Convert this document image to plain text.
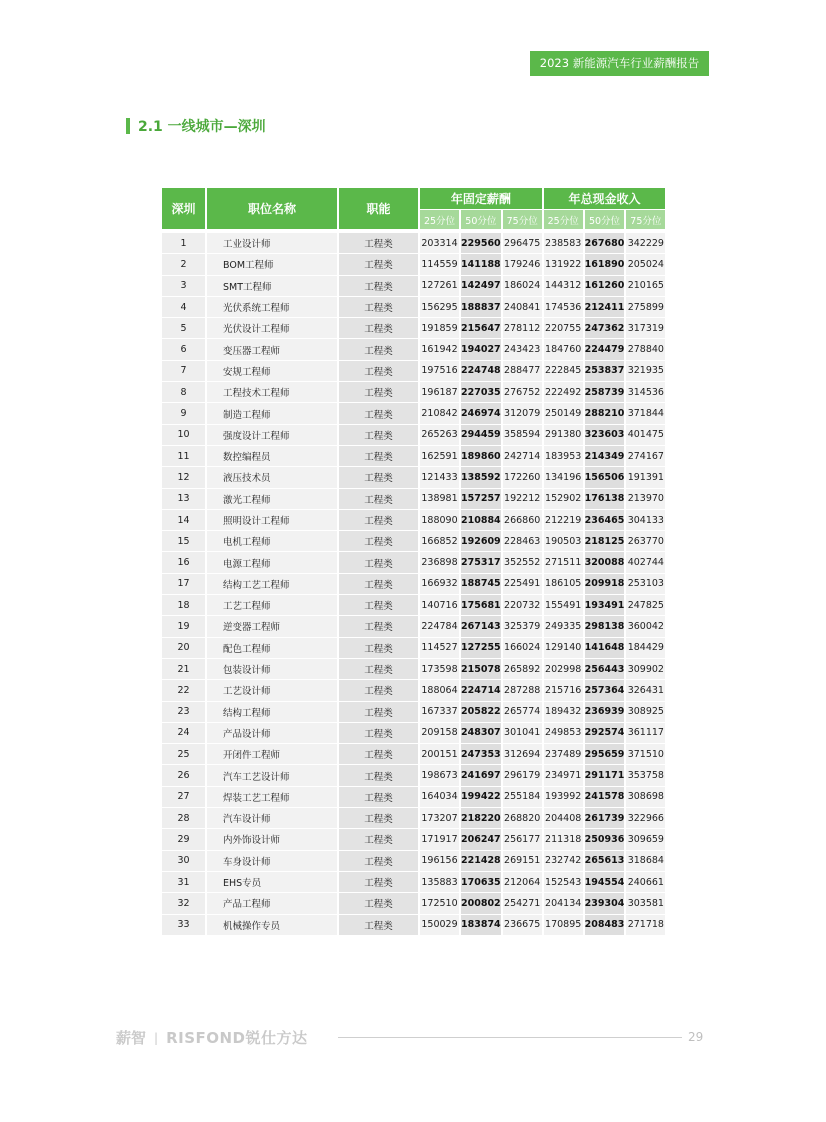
2023 新能源汽车行业薪酬报告
2.1 一线城市—深圳
深圳	职位名称	职能	年固定薪酬			年总现金收入		
			25分位	50分位	75分位	25分位	50分位	75分位

1	工业设计师	工程类	203314	229560	296475	238583	267680	342229
2	BOM工程师	工程类	114559	141188	179246	131922	161890	205024
3	SMT工程师	工程类	127261	142497	186024	144312	161260	210165
4	光伏系统工程师	工程类	156295	188837	240841	174536	212411	275899
5	光伏设计工程师	工程类	191859	215647	278112	220755	247362	317319
6	变压器工程师	工程类	161942	194027	243423	184760	224479	278840
7	安规工程师	工程类	197516	224748	288477	222845	253837	321935
8	工程技术工程师	工程类	196187	227035	276752	222492	258739	314536
9	制造工程师	工程类	210842	246974	312079	250149	288210	371844
10	强度设计工程师	工程类	265263	294459	358594	291380	323603	401475
11	数控编程员	工程类	162591	189860	242714	183953	214349	274167
12	液压技术员	工程类	121433	138592	172260	134196	156506	191391
13	激光工程师	工程类	138981	157257	192212	152902	176138	213970
14	照明设计工程师	工程类	188090	210884	266860	212219	236465	304133
15	电机工程师	工程类	166852	192609	228463	190503	218125	263770
16	电源工程师	工程类	236898	275317	352552	271511	320088	402744
17	结构工艺工程师	工程类	166932	188745	225491	186105	209918	253103
18	工艺工程师	工程类	140716	175681	220732	155491	193491	247825
19	逆变器工程师	工程类	224784	267143	325379	249335	298138	360042
20	配色工程师	工程类	114527	127255	166024	129140	141648	184429
21	包装设计师	工程类	173598	215078	265892	202998	256443	309902
22	工艺设计师	工程类	188064	224714	287288	215716	257364	326431
23	结构工程师	工程类	167337	205822	265774	189432	236939	308925
24	产品设计师	工程类	209158	248307	301041	249853	292574	361117
25	开闭件工程师	工程类	200151	247353	312694	237489	295659	371510
26	汽车工艺设计师	工程类	198673	241697	296179	234971	291171	353758
27	焊装工艺工程师	工程类	164034	199422	255184	193992	241578	308698
28	汽车设计师	工程类	173207	218220	268820	204408	261739	322966
29	内外饰设计师	工程类	171917	206247	256177	211318	250936	309659
30	车身设计师	工程类	196156	221428	269151	232742	265613	318684
31	EHS专员	工程类	135883	170635	212064	152543	194554	240661
32	产品工程师	工程类	172510	200802	254271	204134	239304	303581
33	机械操作专员	工程类	150029	183874	236675	170895	208483	271718
薪智 | RISFOND锐仕方达	29
